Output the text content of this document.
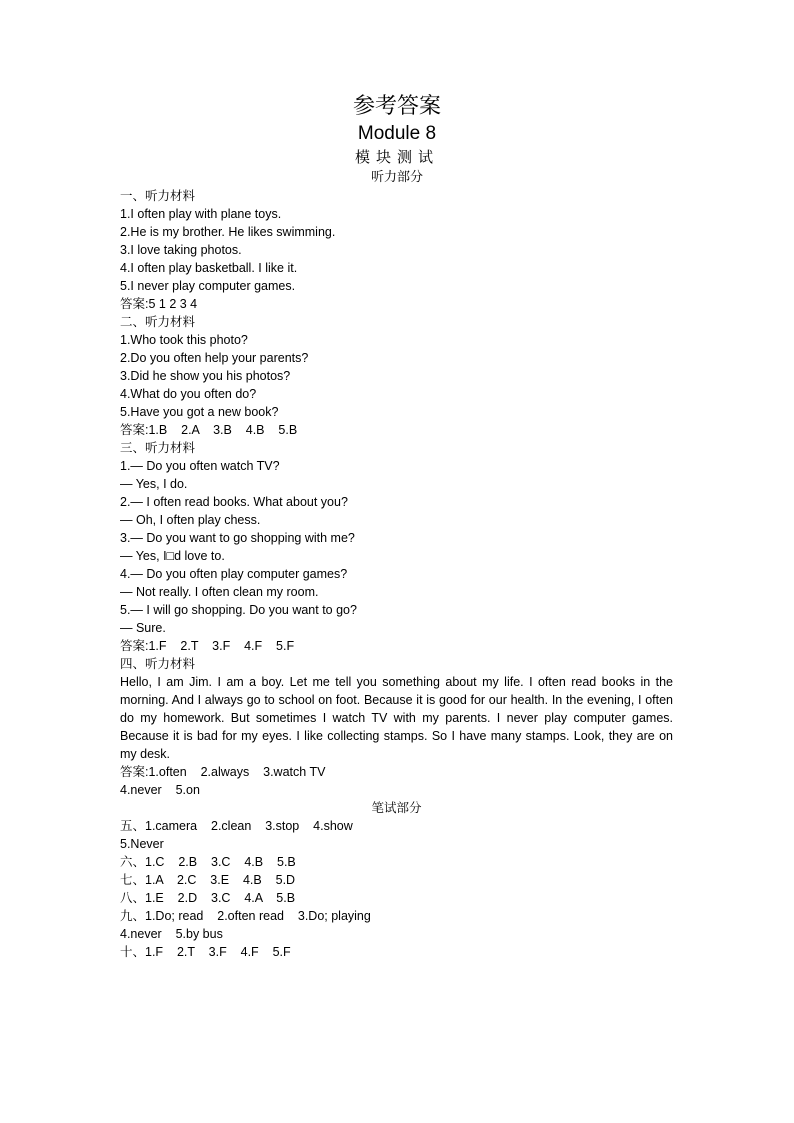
参考答案
Module 8
模块测试
听力部分
一、听力材料
1.I often play with plane toys.
2.He is my brother. He likes swimming.
3.I love taking photos.
4.I often play basketball. I like it.
5.I never play computer games.
答案:5 1 2 3 4
二、听力材料
1.Who took this photo?
2.Do you often help your parents?
3.Did he show you his photos?
4.What do you often do?
5.Have you got a new book?
答案:1.B    2.A    3.B    4.B    5.B
三、听力材料
1.— Do you often watch TV?
— Yes, I do.
2.— I often read books. What about you?
— Oh, I often play chess.
3.— Do you want to go shopping with me?
— Yes, I□d love to.
4.— Do you often play computer games?
— Not really. I often clean my room.
5.— I will go shopping. Do you want to go?
— Sure.
答案:1.F    2.T    3.F    4.F    5.F
四、听力材料
Hello, I am Jim. I am a boy. Let me tell you something about my life. I often read books in the morning. And I always go to school on foot. Because it is good for our health. In the evening, I often do my homework. But sometimes I watch TV with my parents. I never play computer games. Because it is bad for my eyes. I like collecting stamps. So I have many stamps. Look, they are on my desk.
答案:1.often    2.always    3.watch TV
4.never    5.on
笔试部分
五、1.camera    2.clean    3.stop    4.show
5.Never
六、1.C    2.B    3.C    4.B    5.B
七、1.A    2.C    3.E    4.B    5.D
八、1.E    2.D    3.C    4.A    5.B
九、1.Do; read    2.often read    3.Do; playing
4.never    5.by bus
十、1.F    2.T    3.F    4.F    5.F
